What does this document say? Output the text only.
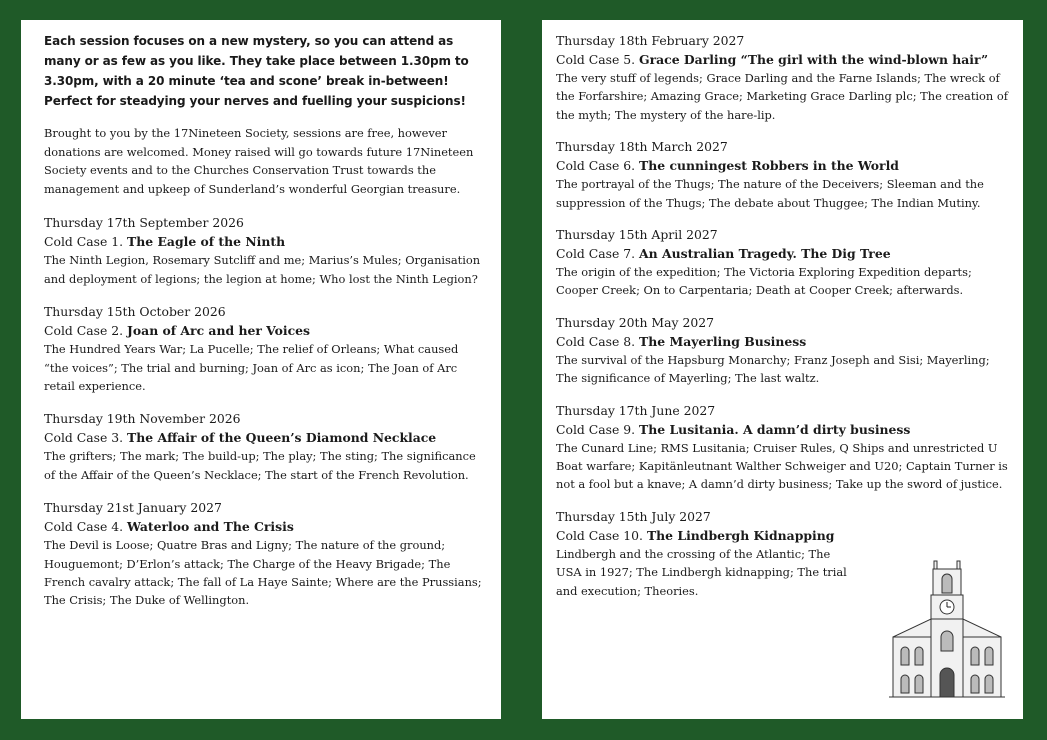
Each session focuses on a new mystery, so you can attend as many or as few as you like. They take place between 1.30pm to 3.30pm, with a 20 minute ‘tea and scone’ break in-between! Perfect for steadying your nerves and fuelling your suspicions!

Brought to you by the 17Nineteen Society, sessions are free, however donations are welcomed. Money raised will go towards future 17Nineteen Society events and to the Churches Conservation Trust towards the management and upkeep of Sunderland’s wonderful Georgian treasure.

Thursday 17th September 2026
Cold Case 1. The Eagle of the Ninth
The Ninth Legion, Rosemary Sutcliff and me; Marius’s Mules; Organisation and deployment of legions; the legion at home; Who lost the Ninth Legion?
Thursday 15th October 2026
Cold Case 2. Joan of Arc and her Voices
The Hundred Years War; La Pucelle; The relief of Orleans; What caused “the voices”; The trial and burning; Joan of Arc as icon; The Joan of Arc retail experience.
Thursday 19th November 2026
Cold Case 3. The Affair of the Queen’s Diamond Necklace
The grifters; The mark; The build-up; The play; The sting; The significance of the Affair of the Queen’s Necklace; The start of the French Revolution.
Thursday 21st January 2027
Cold Case 4. Waterloo and The Crisis
The Devil is Loose; Quatre Bras and Ligny; The nature of the ground; Houguemont; D’Erlon’s attack; The Charge of the Heavy Brigade; The French cavalry attack; The fall of La Haye Sainte; Where are the Prussians; The Crisis; The Duke of Wellington.
Thursday 18th February 2027
Cold Case 5. Grace Darling “The girl with the wind-blown hair”
The very stuff of legends; Grace Darling and the Farne Islands; The wreck of the Forfarshire; Amazing Grace; Marketing Grace Darling plc; The creation of the myth; The mystery of the hare-lip.
Thursday 18th March 2027
Cold Case 6. The cunningest Robbers in the World
The portrayal of the Thugs; The nature of the Deceivers; Sleeman and the suppression of the Thugs; The debate about Thuggee; The Indian Mutiny.
Thursday 15th April 2027
Cold Case 7. An Australian Tragedy. The Dig Tree
The origin of the expedition; The Victoria Exploring Expedition departs; Cooper Creek; On to Carpentaria; Death at Cooper Creek; afterwards.
Thursday 20th May 2027
Cold Case 8. The Mayerling Business
The survival of the Hapsburg Monarchy; Franz Joseph and Sisi; Mayerling; The significance of Mayerling; The last waltz.
Thursday 17th June 2027
Cold Case 9. The Lusitania. A damn’d dirty business
The Cunard Line; RMS Lusitania; Cruiser Rules, Q Ships and unrestricted U Boat warfare; Kapitänleutnant Walther Schweiger and U20; Captain Turner is not a fool but a knave; A damn’d dirty business; Take up the sword of justice.
Thursday 15th July 2027
Cold Case 10. The Lindbergh Kidnapping
Lindbergh and the crossing of the Atlantic; The USA in 1927; The Lindbergh kidnapping; The trial and execution; Theories.
